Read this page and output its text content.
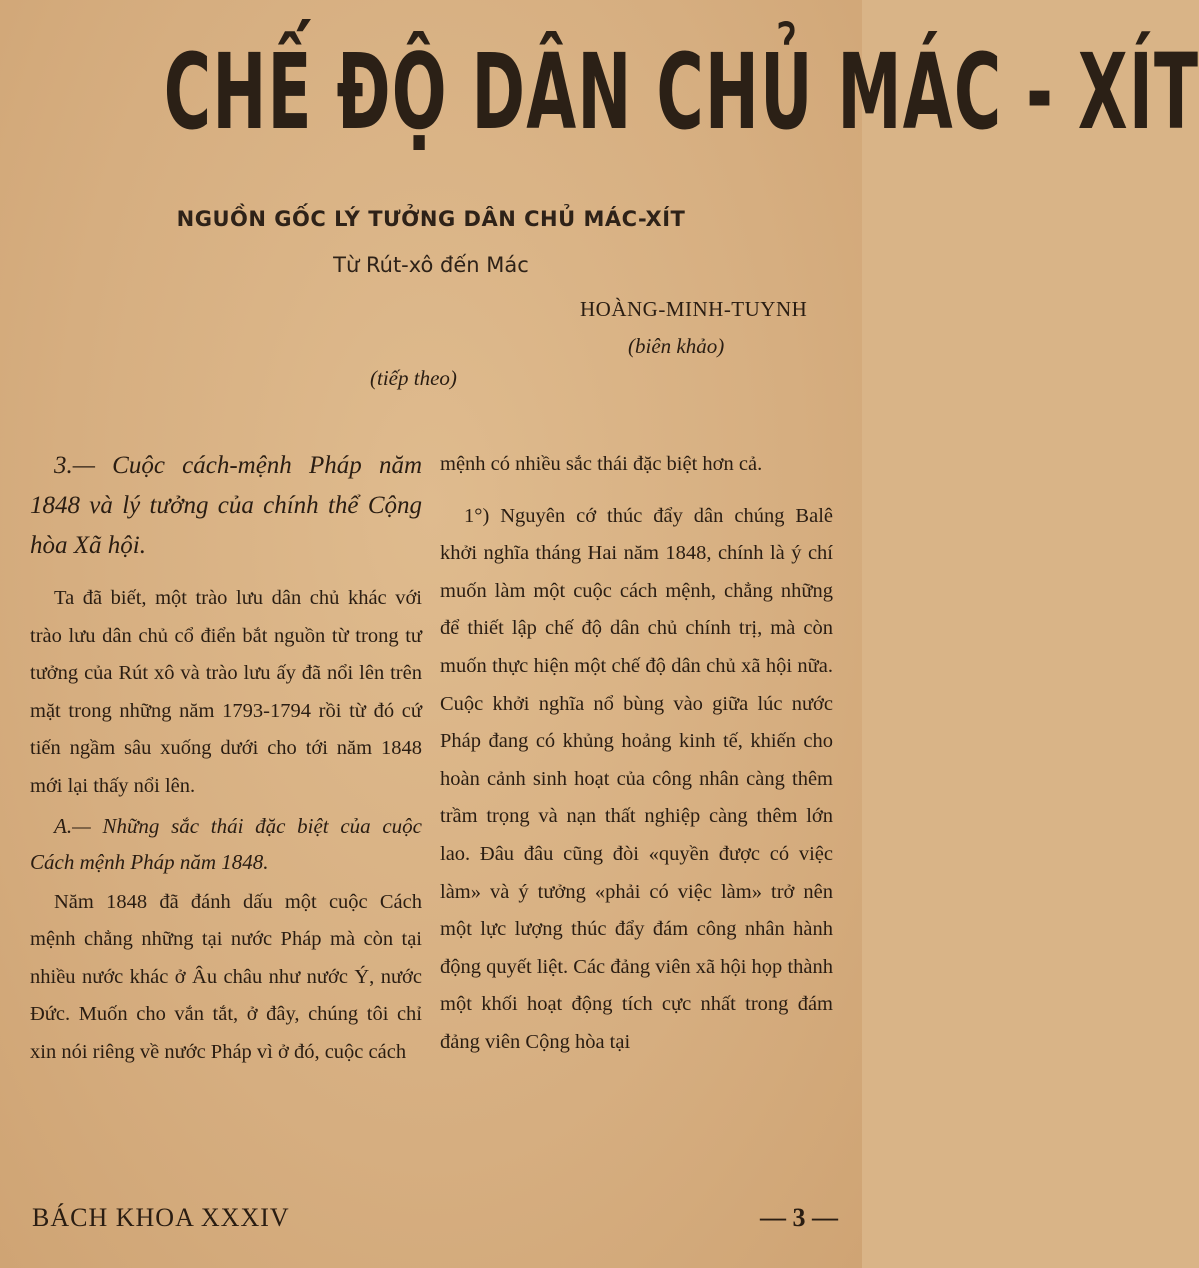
CHẾ ĐỘ DÂN CHỦ MÁC - XÍT
NGUỒN GỐC LÝ TƯỞNG DÂN CHỦ MÁC-XÍT
Từ Rút-xô đến Mác
HOÀNG-MINH-TUYNH
(biên khảo)
(tiếp theo)

3.— Cuộc cách-mệnh Pháp năm 1848 và lý tưởng của chính thể Cộng hòa Xã hội.

Ta đã biết, một trào lưu dân chủ khác với trào lưu dân chủ cổ điển bắt nguồn từ trong tư tưởng của Rút xô và trào lưu ấy đã nổi lên trên mặt trong những năm 1793-1794 rồi từ đó cứ tiến ngầm sâu xuống dưới cho tới năm 1848 mới lại thấy nổi lên.

A.— Những sắc thái đặc biệt của cuộc Cách mệnh Pháp năm 1848.

Năm 1848 đã đánh dấu một cuộc Cách mệnh chẳng những tại nước Pháp mà còn tại nhiều nước khác ở Âu châu như nước Ý, nước Đức. Muốn cho vắn tắt, ở đây, chúng tôi chỉ xin nói riêng về nước Pháp vì ở đó, cuộc cách

mệnh có nhiều sắc thái đặc biệt hơn cả.

1°) Nguyên cớ thúc đẩy dân chúng Balê khởi nghĩa tháng Hai năm 1848, chính là ý chí muốn làm một cuộc cách mệnh, chẳng những để thiết lập chế độ dân chủ chính trị, mà còn muốn thực hiện một chế độ dân chủ xã hội nữa. Cuộc khởi nghĩa nổ bùng vào giữa lúc nước Pháp đang có khủng hoảng kinh tế, khiến cho hoàn cảnh sinh hoạt của công nhân càng thêm trầm trọng và nạn thất nghiệp càng thêm lớn lao. Đâu đâu cũng đòi «quyền được có việc làm» và ý tưởng «phải có việc làm» trở nên một lực lượng thúc đẩy đám công nhân hành động quyết liệt. Các đảng viên xã hội họp thành một khối hoạt động tích cực nhất trong đám đảng viên Cộng hòa tại

BÁCH KHOA XXXIV	— 3 —
